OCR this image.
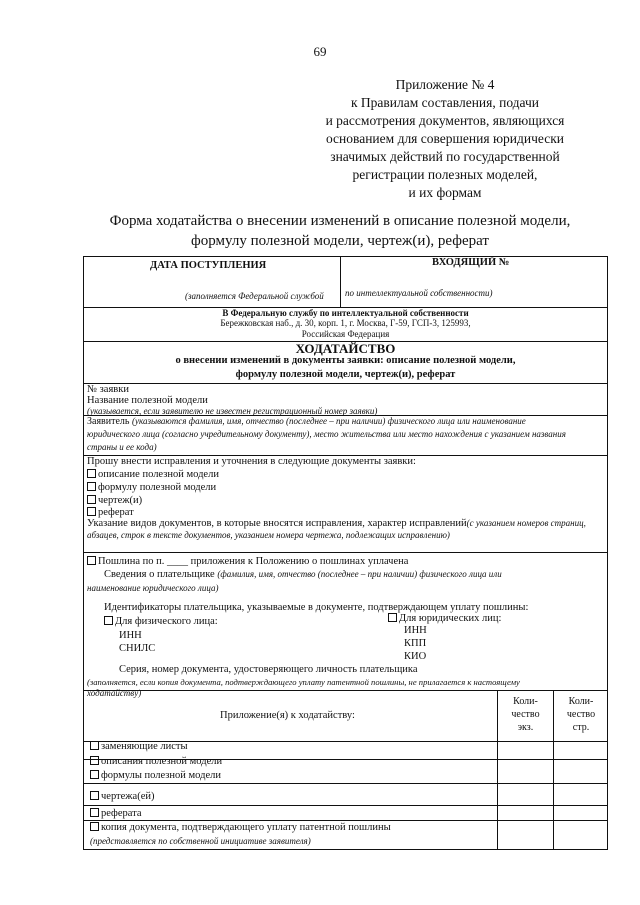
69
Приложение № 4
к Правилам составления, подачи
и рассмотрения документов, являющихся
основанием для совершения юридически
значимых действий по государственной
регистрации полезных моделей,
и их формам
Форма ходатайства о внесении изменений в описание полезной модели,
формулу полезной модели, чертеж(и), реферат
ДАТА ПОСТУПЛЕНИЯ	ВХОДЯЩИЙ №
(заполняется Федеральной службой по интеллектуальной собственности)
В Федеральную службу по интеллектуальной собственности
Бережковская наб., д. 30, корп. 1, г. Москва, Г-59, ГСП-3, 125993,
Российская Федерация
ХОДАТАЙСТВО
о внесении изменений в документы заявки: описание полезной модели,
формулу полезной модели, чертеж(и), реферат
№ заявки
Название полезной модели
(указывается, если заявителю не известен регистрационный номер заявки)
Заявитель (указываются фамилия, имя, отчество (последнее – при наличии) физического лица или наименование
юридического лица (согласно учредительному документу), место жительства или место нахождения с указанием названия
страны и ее кода)
Прошу внести исправления и уточнения в следующие документы заявки:
описание полезной модели
формулу полезной модели
чертеж(и)
реферат
Указание видов документов, в которые вносятся исправления, характер исправлений(с указанием номеров страниц,
абзацев, строк в тексте документов, указанием номера чертежа, подлежащих исправлению)
Пошлина по п. ____ приложения к Положению о пошлинах уплачена
Сведения о плательщике (фамилия, имя, отчество (последнее – при наличии) физического лица или
наименование юридического лица)
Идентификаторы плательщика, указываемые в документе, подтверждающем уплату пошлины:
Для физического лица:
ИНН
СНИЛС
Для юридических лиц:
ИНН
КПП
КИО
Серия, номер документа, удостоверяющего личность плательщика
(заполняется, если копия документа, подтверждающего уплату патентной пошлины, не прилагается к настоящему
ходатайству)
Приложение(я) к ходатайству:
Коли-
чество
экз.
Коли-
чество
стр.
заменяющие листы
описания полезной модели
формулы полезной модели
чертежа(ей)
реферата
копия документа, подтверждающего уплату патентной пошлины
(представляется по собственной инициативе заявителя)
